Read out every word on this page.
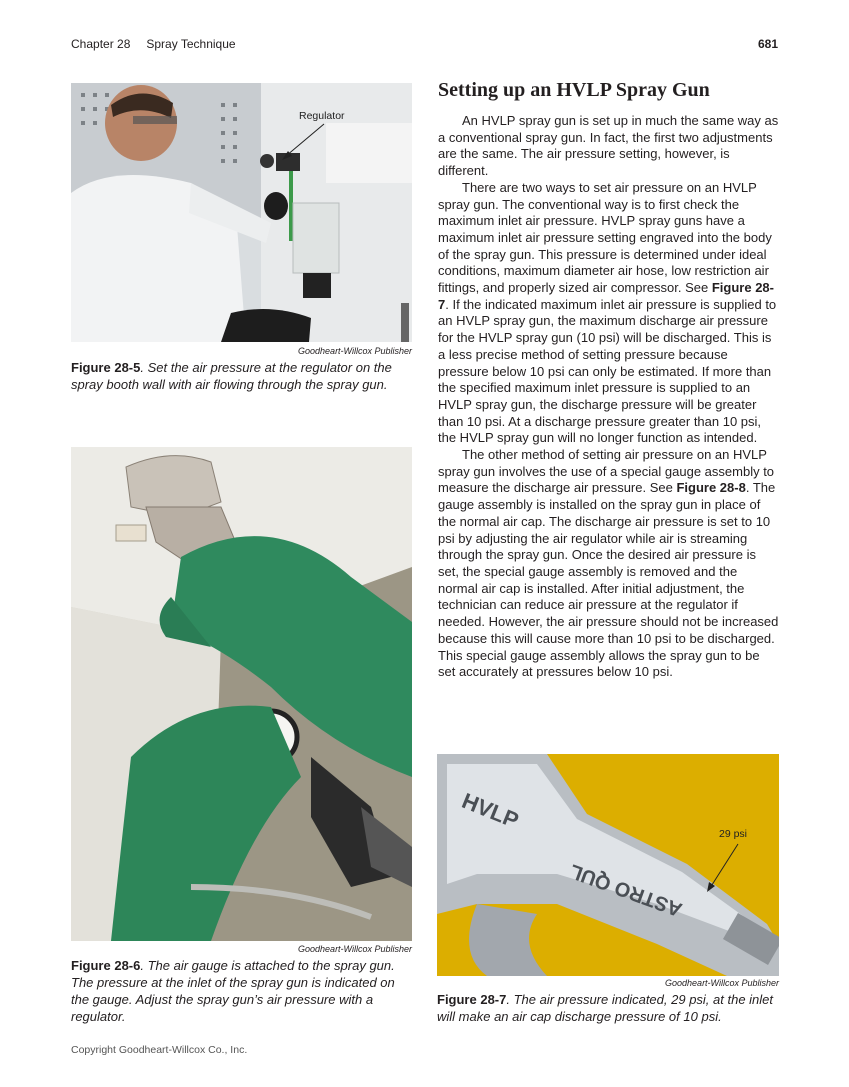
Chapter 28 Spray Technique	681
Regulator
Goodheart-Willcox Publisher
Figure 28-5. Set the air pressure at the regulator on the spray booth wall with air flowing through the spray gun.
Goodheart-Willcox Publisher
Figure 28-6. The air gauge is attached to the spray gun. The pressure at the inlet of the spray gun is indicated on the gauge. Adjust the spray gun’s air pressure with a regulator.
Setting up an HVLP Spray Gun

An HVLP spray gun is set up in much the same way as a conventional spray gun. In fact, the first two adjustments are the same. The air pressure setting, however, is different.

There are two ways to set air pressure on an HVLP spray gun. The conventional way is to first check the maximum inlet air pressure. HVLP spray guns have a maximum inlet air pressure setting engraved into the body of the spray gun. This pressure is determined under ideal conditions, maximum diameter air hose, low restriction air fittings, and properly sized air compressor. See Figure 28-7. If the indicated maximum inlet air pressure is supplied to an HVLP spray gun, the maximum discharge air pressure for the HVLP spray gun (10 psi) will be discharged. This is a less precise method of setting pressure because pressure below 10 psi can only be estimated. If more than the specified maximum inlet pressure is supplied to an HVLP spray gun, the discharge pressure will be greater than 10 psi. At a discharge pressure greater than 10 psi, the HVLP spray gun will no longer function as intended.

The other method of setting air pressure on an HVLP spray gun involves the use of a special gauge assembly to measure the discharge air pressure. See Figure 28-8. The gauge assembly is installed on the spray gun in place of the normal air cap. The discharge air pressure is set to 10 psi by adjusting the air regulator while air is streaming through the spray gun. Once the desired air pressure is set, the special gauge assembly is removed and the normal air cap is installed. After initial adjustment, the technician can reduce air pressure at the regulator if needed. However, the air pressure should not be increased because this will cause more than 10 psi to be discharged. This special gauge assembly allows the spray gun to be set accurately at pressures below 10 psi.

HVLP
ASTRO QUL
29 psi
Goodheart-Willcox Publisher
Figure 28-7. The air pressure indicated, 29 psi, at the inlet will make an air cap discharge pressure of 10 psi.
Copyright Goodheart-Willcox Co., Inc.
